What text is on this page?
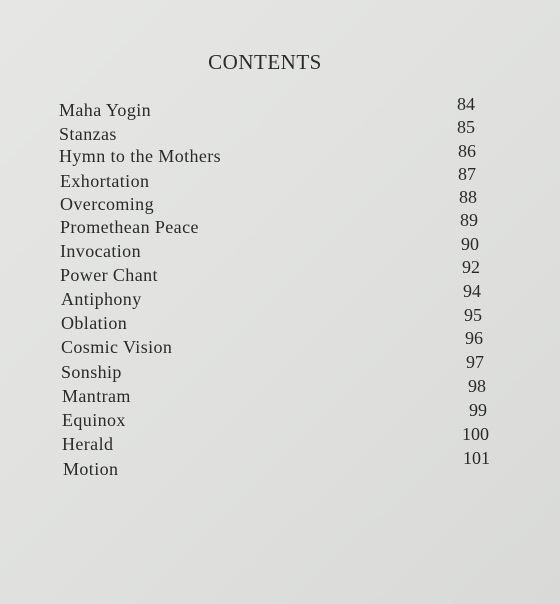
CONTENTS
Maha Yogin
Stanzas
Hymn to the Mothers
Exhortation
Overcoming
Promethean Peace
Invocation
Power Chant
Antiphony
Oblation
Cosmic Vision
Sonship
Mantram
Equinox
Herald
Motion
84
85
86
87
88
89
90
92
94
95
96
97
98
99
100
101
